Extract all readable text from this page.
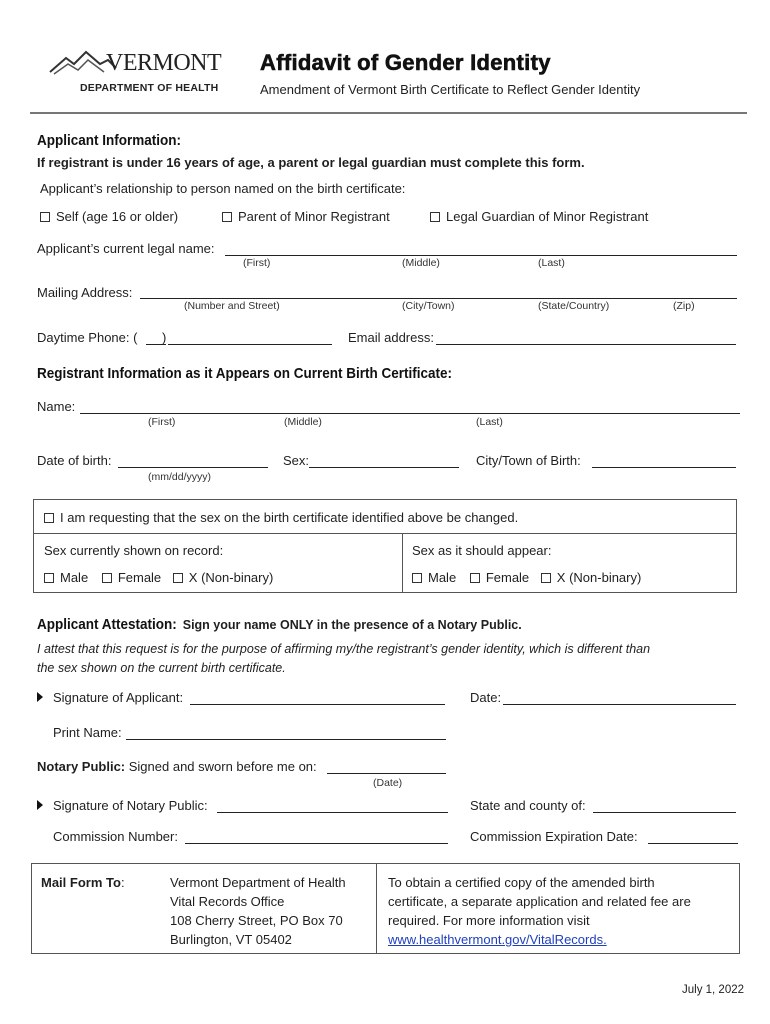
VERMONT
DEPARTMENT OF HEALTH
Affidavit of Gender Identity
Amendment of Vermont Birth Certificate to Reflect Gender Identity
Applicant Information:
If registrant is under 16 years of age, a parent or legal guardian must complete this form.
Applicant’s relationship to person named on the birth certificate:
Self (age 16 or older)	Parent of Minor Registrant	Legal Guardian of Minor Registrant
Applicant’s current legal name:
(First)	(Middle)	(Last)
Mailing Address:
(Number and Street)	(City/Town)	(State/Country)	(Zip)
Daytime Phone: ( )	Email address:
Registrant Information as it Appears on Current Birth Certificate:
Name:
(First)	(Middle)	(Last)
Date of birth:
(mm/dd/yyyy)
Sex:	City/Town of Birth:
I am requesting that the sex on the birth certificate identified above be changed.
Sex currently shown on record:	Sex as it should appear:
Male Female X (Non-binary)	Male Female X (Non-binary)
Applicant Attestation: Sign your name ONLY in the presence of a Notary Public.
I attest that this request is for the purpose of affirming my/the registrant’s gender identity, which is different than
the sex shown on the current birth certificate.
Signature of Applicant:	Date:
Print Name:
Notary Public: Signed and sworn before me on:
(Date)
Signature of Notary Public:	State and county of:
Commission Number:	Commission Expiration Date:
Mail Form To:	Vermont Department of Health
Vital Records Office
108 Cherry Street, PO Box 70
Burlington, VT 05402
To obtain a certified copy of the amended birth
certificate, a separate application and related fee are
required. For more information visit
www.healthvermont.gov/VitalRecords.
July 1, 2022
